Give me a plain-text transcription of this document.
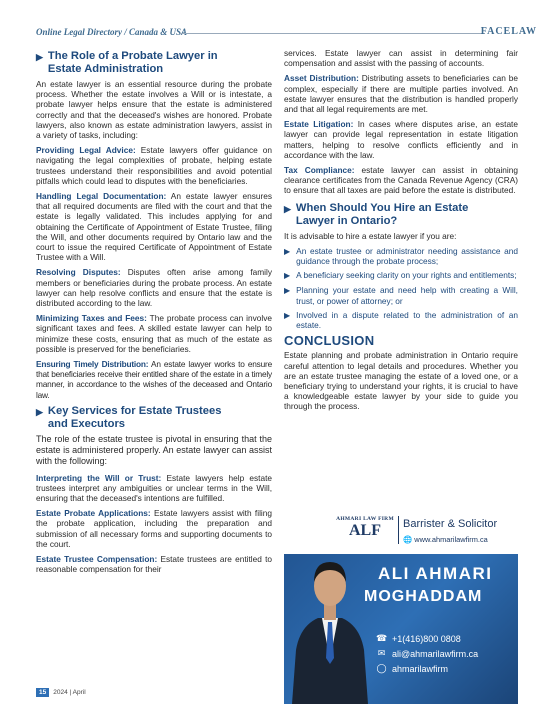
Online Legal Directory / Canada & USA	FACELAW
▶ The Role of a Probate Lawyer in
Estate Administration

An estate lawyer is an essential resource during the probate process. Whether the estate involves a Will or is intestate, a probate lawyer helps ensure that the estate is administered correctly and that the deceased's wishes are honored. Probate lawyers, also known as estate administration lawyers, assist in a variety of tasks, including:

Providing Legal Advice: Estate lawyers offer guidance on navigating the legal complexities of probate, helping estate trustees understand their responsibilities and avoid potential pitfalls which could lead to disputes with the beneficiaries.

Handling Legal Documentation: An estate lawyer ensures that all required documents are filed with the court and that the estate is legally validated. This includes applying for and obtaining the Certificate of Appointment of Estate Trustee, filing the Will, and other documents required by Ontario law and the court to issue the required Certificate of Appointment of Estate Trustee with a Will.

Resolving Disputes: Disputes often arise among family members or beneficiaries during the probate process. An estate lawyer can help resolve conflicts and ensure that the estate is distributed according to the law.

Minimizing Taxes and Fees: The probate process can involve significant taxes and fees. A skilled estate lawyer can help to minimize these costs, ensuring that as much of the estate as possible is preserved for the beneficiaries.

Ensuring Timely Distribution: An estate lawyer works to ensure that beneficiaries receive their entitled share of the estate in a timely manner, in accordance to the wishes of the deceased and Ontario law.

▶ Key Services for Estate Trustees
and Executors

The role of the estate trustee is pivotal in ensuring that the estate is administered properly. An estate lawyer can assist with the following:

Interpreting the Will or Trust: Estate lawyers help estate trustees interpret any ambiguities or unclear terms in the Will, ensuring that the deceased's intentions are fulfilled.

Estate Probate Applications: Estate lawyers assist with filing the probate application, including the preparation and submission of all necessary forms and supporting documents to the court.

Estate Trustee Compensation: Estate trustees are entitled to reasonable compensation for their

services. Estate lawyer can assist in determining fair compensation and assist with the passing of accounts.

Asset Distribution: Distributing assets to beneficiaries can be complex, especially if there are multiple parties involved. An estate lawyer ensures that the distribution is handled properly and that all legal requirements are met.

Estate Litigation: In cases where disputes arise, an estate lawyer can provide legal representation in estate litigation matters, helping to resolve conflicts efficiently and in accordance with the law.

Tax Compliance: estate lawyer can assist in obtaining clearance certificates from the Canada Revenue Agency (CRA) to ensure that all taxes are paid before the estate is distributed.

▶ When Should You Hire an Estate
Lawyer in Ontario?

It is advisable to hire a estate lawyer if you are:

▶ An estate trustee or administrator needing assistance and guidance through the probate process;
▶ A beneficiary seeking clarity on your rights and entitlements;
▶ Planning your estate and need help with creating a Will, trust, or power of attorney; or
▶ Involved in a dispute related to the administration of an estate.
CONCLUSION

Estate planning and probate administration in Ontario require careful attention to legal details and procedures. Whether you are an estate trustee managing the estate of a loved one, or a beneficiary trying to understand your rights, it is crucial to have a knowledgeable estate lawyer by your side to guide you through the process.

AHMARI LAW FIRM
ALF	Barrister & Solicitor
🌐 www.ahmarilawfirm.ca
ALI AHMARI
MOGHADDAM
☎ +1(416)800 0808
✉ ali@ahmarilawfirm.ca
◯ ahmarilawfirm
15	2024 | April
